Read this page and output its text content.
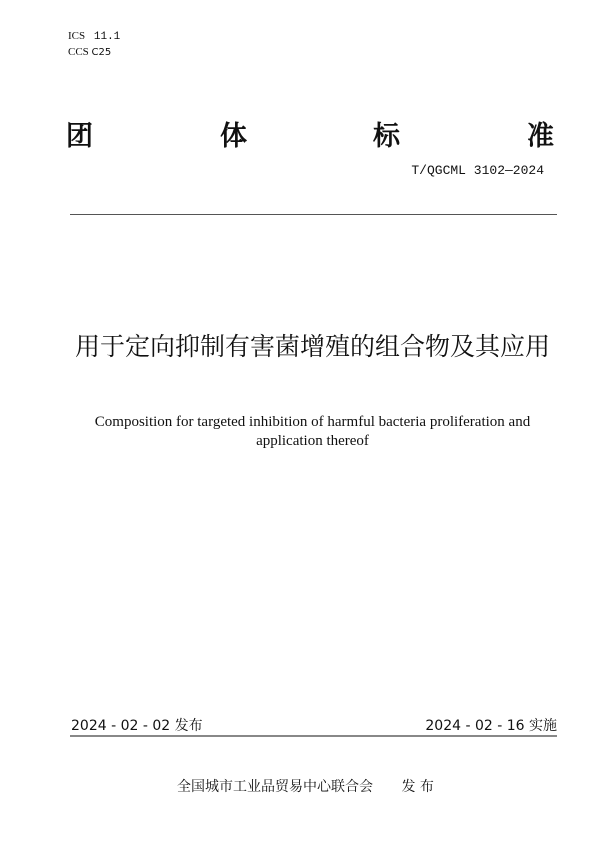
ICS 11.1
CCS C25
团	体	标	准
T/QGCML 3102—2024
用于定向抑制有害菌增殖的组合物及其应用
Composition for targeted inhibition of harmful bacteria proliferation and application thereof
2024 - 02 - 02 发布	2024 - 02 - 16 实施
全国城市工业品贸易中心联合会 发 布
